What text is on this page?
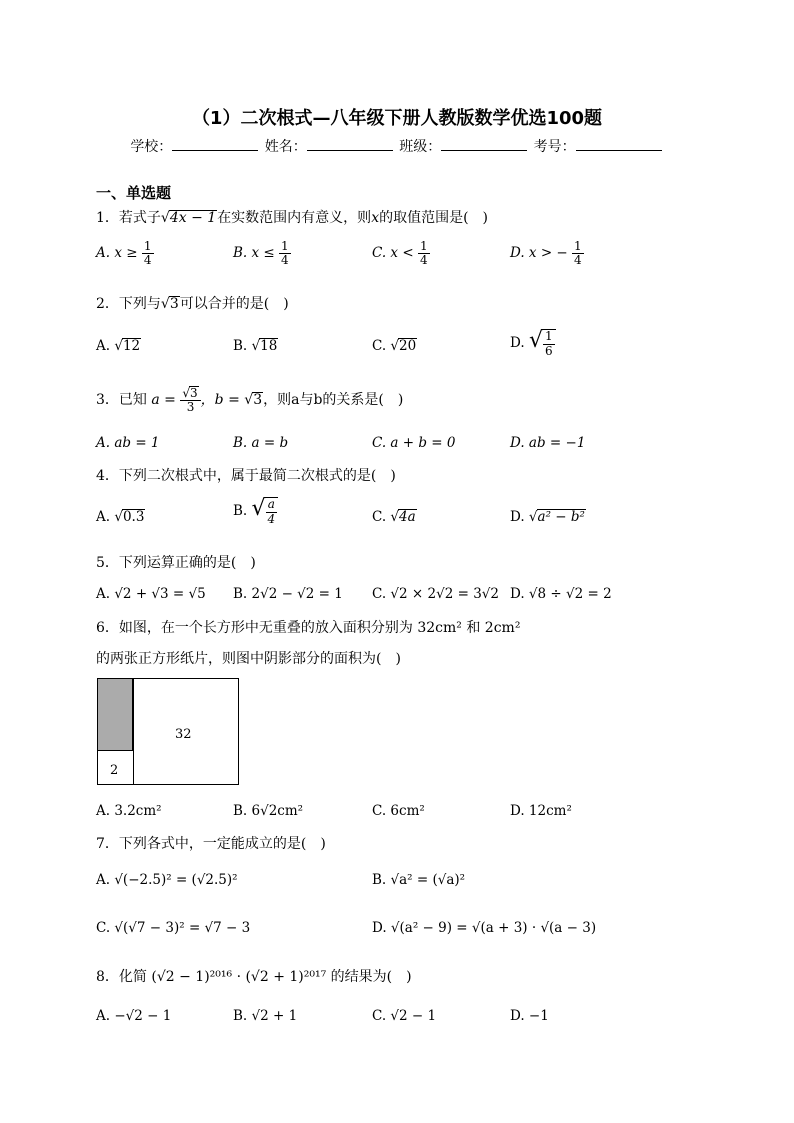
（1）二次根式—八年级下册人教版数学优选100题
学校：	姓名：	班级：	考号：
一、单选题
1．若式子√4x − 1在实数范围内有意义，则x的取值范围是(　)
A. $x \ge \frac{1}{4}$	B. $x \le \frac{1}{4}$	C. $x < \frac{1}{4}$	D. x > − $\frac{1}{4}$
2．下列与√3可以合并的是(　)
A. √12	B. √18	C. √20	D. √ $\frac{1}{6}$
3．已知 $a = \frac{√3}{3}$ ，b = √3，则a与b的关系是(　)
A. ab = 1	B. a = b	C. a + b = 0	D. ab = −1
4．下列二次根式中，属于最简二次根式的是(　)
A. √0.3	B. √ $\frac{a}{4}$	C. √4a	D. √a² − b²
5．下列运算正确的是(　)
A. √2 + √3 = √5 B. 2√2 − √2 = 1 C. √2 × 2√2 = 3√2 D. √8 ÷ √2 = 2
6．如图，在一个长方形中无重叠的放入面积分别为 32cm² 和 2cm²
的两张正方形纸片，则图中阴影部分的面积为(　)
32
2
A. 3.2cm²	B. 6√2cm²	C. 6cm²	D. 12cm²
7．下列各式中，一定能成立的是(　)
A. √(−2.5)² = (√2.5)²	B. √a² = (√a)²
C. √(√7 − 3)² = √7 − 3	D. √(a² − 9) = √(a + 3) · √(a − 3)
8．化简 (√2 − 1)²⁰¹⁶ · (√2 + 1)²⁰¹⁷ 的结果为(　)
A. −√2 − 1	B. √2 + 1	C. √2 − 1	D. −1
